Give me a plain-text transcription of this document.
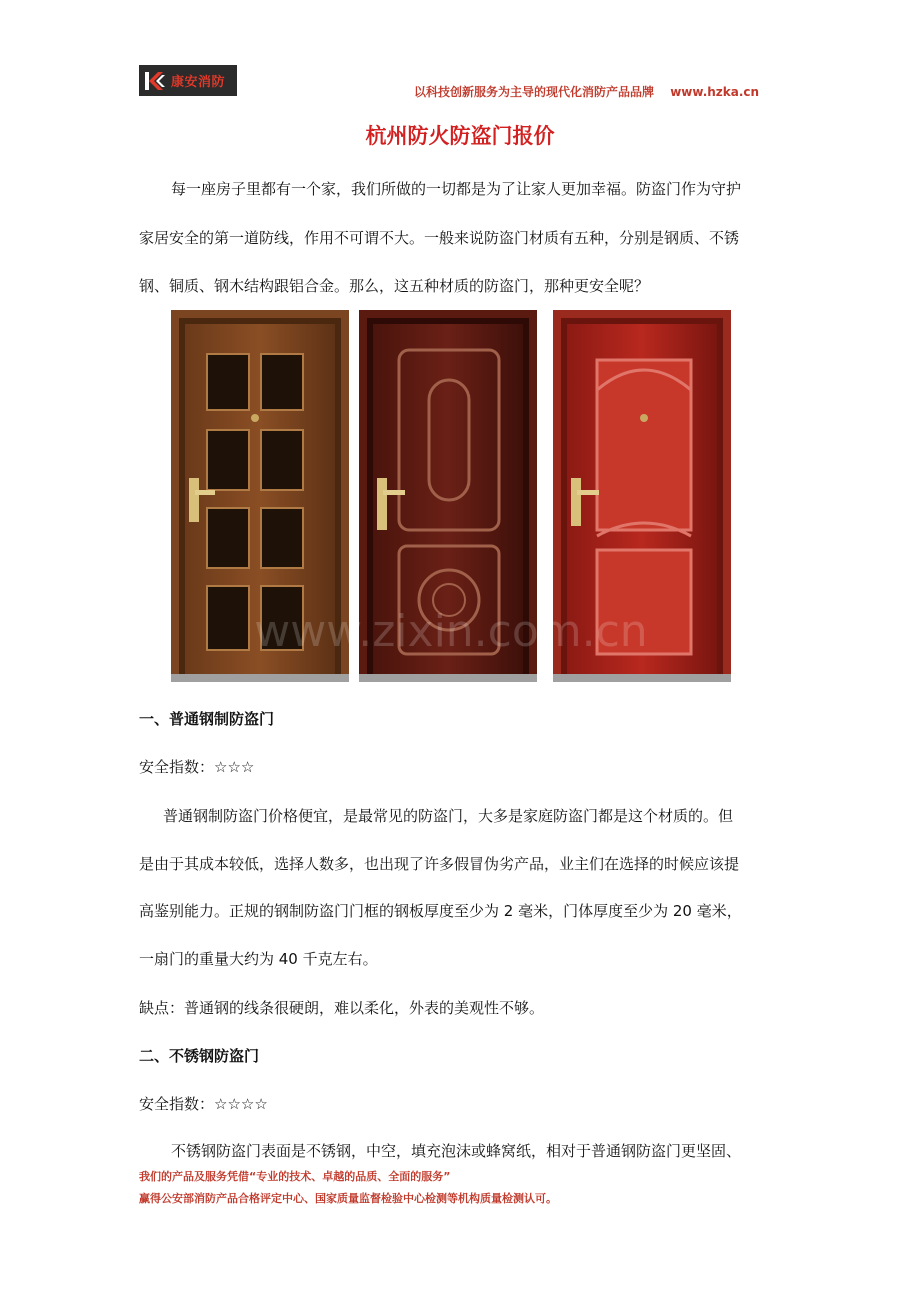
康安消防
以科技创新服务为主导的现代化消防产品品牌 www.hzka.cn
杭州防火防盗门报价
每一座房子里都有一个家，我们所做的一切都是为了让家人更加幸福。防盗门作为守护
家居安全的第一道防线，作用不可谓不大。一般来说防盗门材质有五种，分别是钢质、不锈
钢、铜质、钢木结构跟铝合金。那么，这五种材质的防盗门，那种更安全呢？
www.zixin.com.cn
一、普通钢制防盗门
安全指数：☆☆☆
普通钢制防盗门价格便宜，是最常见的防盗门，大多是家庭防盗门都是这个材质的。但
是由于其成本较低，选择人数多，也出现了许多假冒伪劣产品，业主们在选择的时候应该提
高鉴别能力。正规的钢制防盗门门框的钢板厚度至少为 2 毫米，门体厚度至少为 20 毫米，
一扇门的重量大约为 40 千克左右。
缺点：普通钢的线条很硬朗，难以柔化，外表的美观性不够。
二、不锈钢防盗门
安全指数：☆☆☆☆
不锈钢防盗门表面是不锈钢，中空，填充泡沫或蜂窝纸，相对于普通钢防盗门更坚固、
我们的产品及服务凭借“专业的技术、卓越的品质、全面的服务”
赢得公安部消防产品合格评定中心、国家质量监督检验中心检测等机构质量检测认可。
